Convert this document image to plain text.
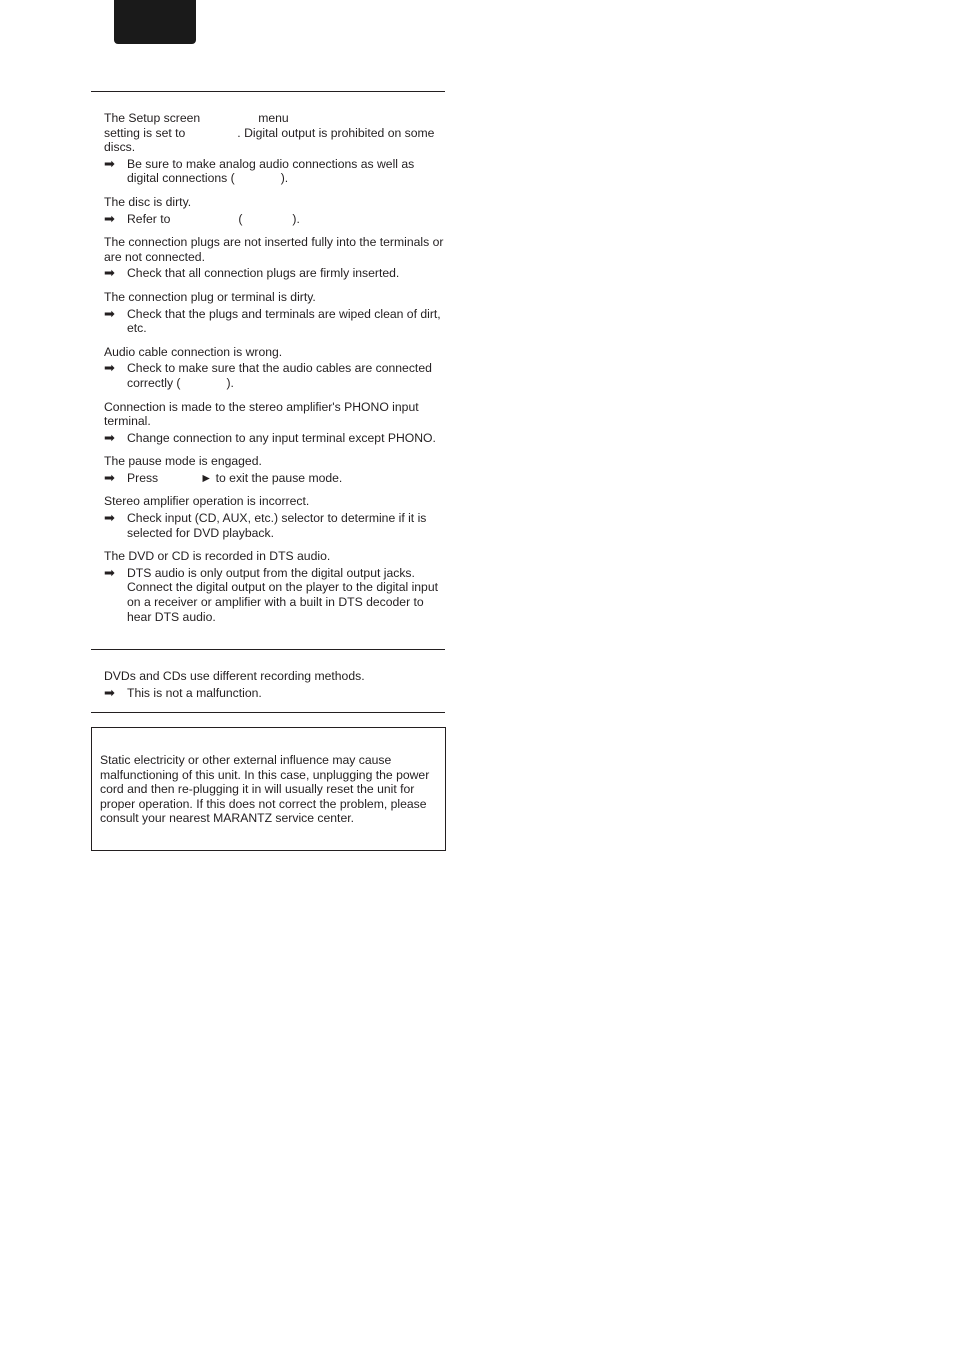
The Setup screen	menu
setting is set to	. Digital output is prohibited on some discs.

➡ Be sure to make analog audio connections as well as digital connections (	).

The disc is dirty.

➡ Refer to	(	).

The connection plugs are not inserted fully into the terminals or are not connected.

➡ Check that all connection plugs are firmly inserted.

The connection plug or terminal is dirty.

➡ Check that the plugs and terminals are wiped clean of dirt, etc.

Audio cable connection is wrong.

➡ Check to make sure that the audio cables are connected correctly (	).

Connection is made to the stereo amplifier's PHONO input terminal.

➡ Change connection to any input terminal except PHONO.

The pause mode is engaged.

➡ Press	► to exit the pause mode.

Stereo amplifier operation is incorrect.

➡ Check input (CD, AUX, etc.) selector to determine if it is selected for DVD playback.

The DVD or CD is recorded in DTS audio.

➡ DTS audio is only output from the digital output jacks. Connect the digital output on the player to the digital input on a receiver or amplifier with a built in DTS decoder to hear DTS audio.

DVDs and CDs use different recording methods.

➡ This is not a malfunction.
Static electricity or other external influence may cause malfunctioning of this unit. In this case, unplugging the power cord and then re-plugging it in will usually reset the unit for proper operation. If this does not correct the problem, please consult your nearest MARANTZ service center.
